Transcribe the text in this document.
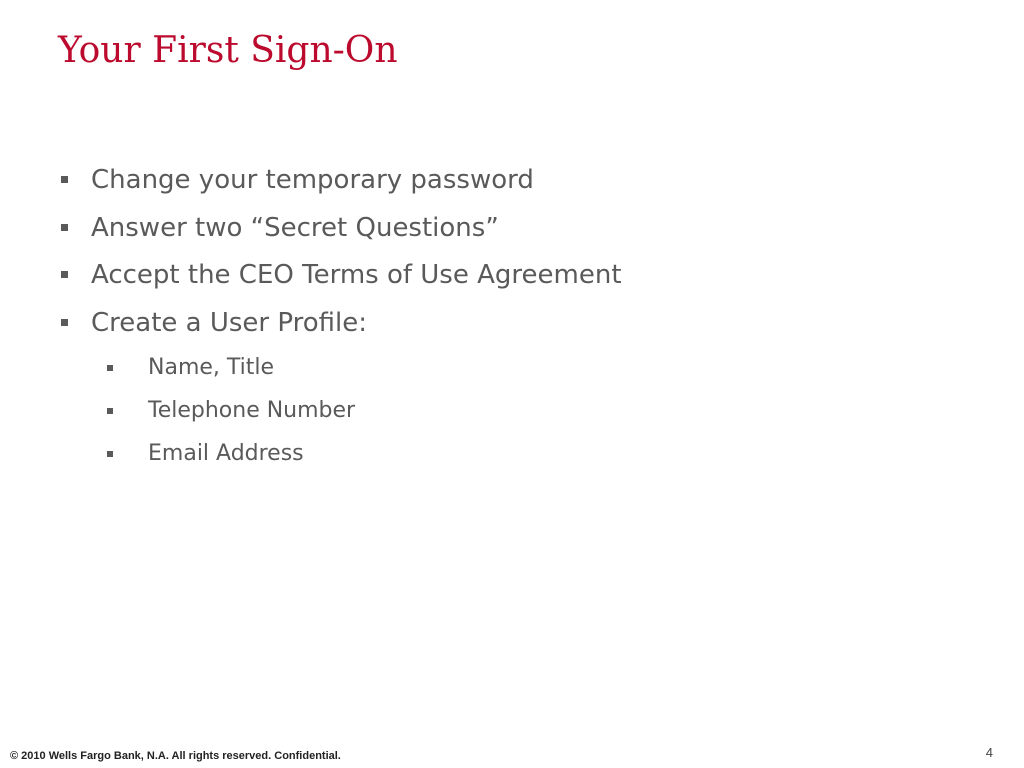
Your First Sign-On
Change your temporary password
Answer two “Secret Questions”
Accept the CEO Terms of Use Agreement
Create a User Profile:
Name, Title
Telephone Number
Email Address
© 2010 Wells Fargo Bank, N.A. All rights reserved. Confidential.	4
